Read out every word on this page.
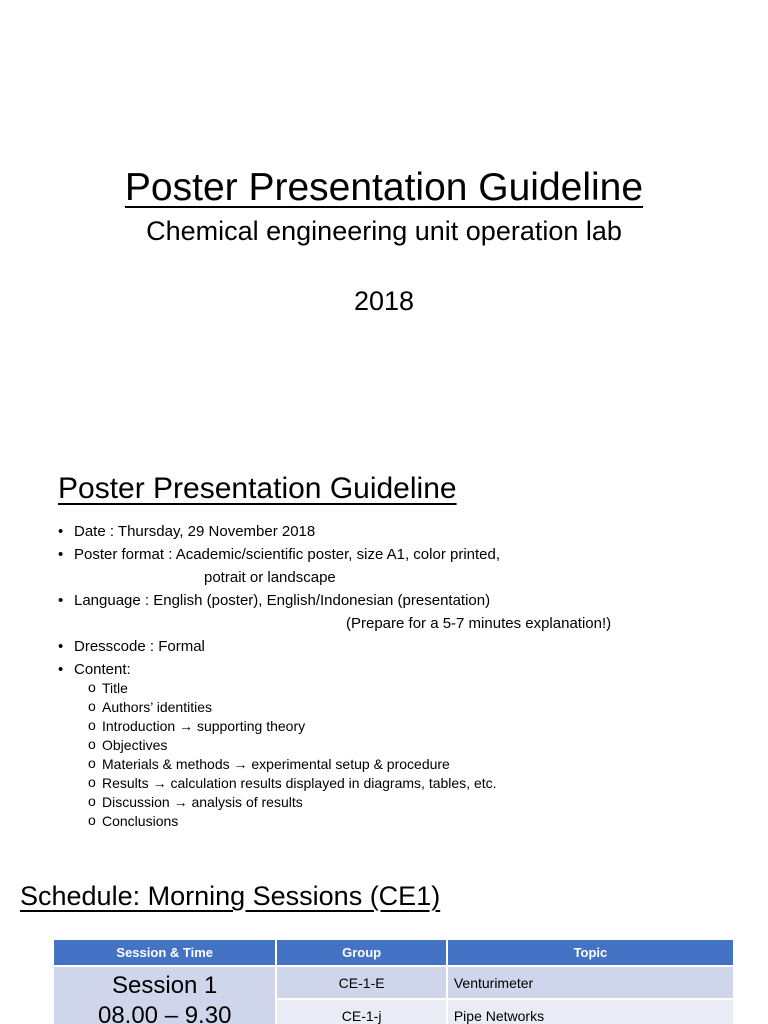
Poster Presentation Guideline
Chemical engineering unit operation lab
2018
Poster Presentation Guideline
• Date : Thursday, 29 November 2018
• Poster format : Academic/scientific poster, size A1, color printed,
potrait or landscape
• Language : English (poster), English/Indonesian (presentation)
(Prepare for a 5-7 minutes explanation!)
• Dresscode : Formal
• Content:
o Title
o Authors’ identities
o Introduction → supporting theory
o Objectives
o Materials & methods → experimental setup & procedure
o Results → calculation results displayed in diagrams, tables, etc.
o Discussion → analysis of results
o Conclusions
Schedule: Morning Sessions (CE1)
Session & Time	Group	Topic

Session 1
08.00 – 9.30	CE-1-E	Venturimeter
	CE-1-j	Pipe Networks
